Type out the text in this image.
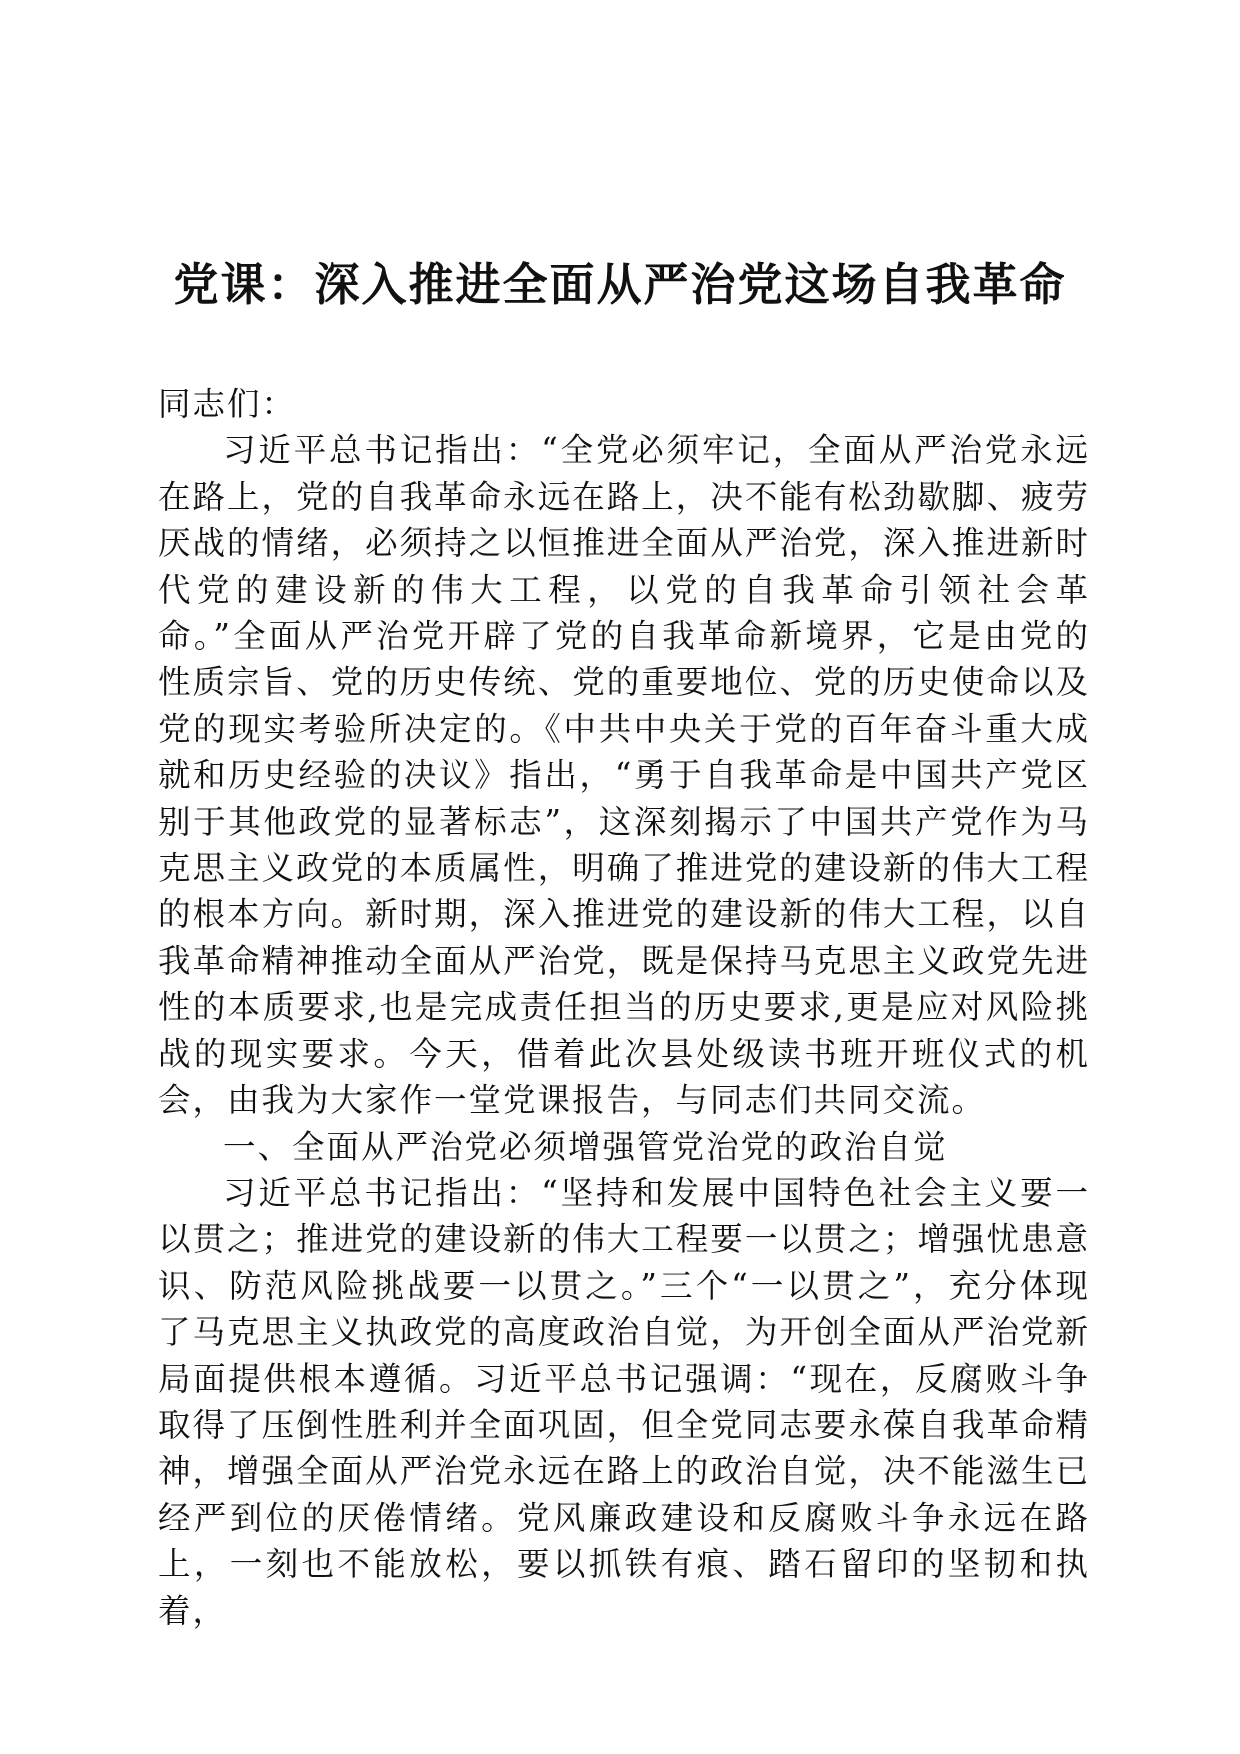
党课：深入推进全面从严治党这场自我革命

同志们：

习近平总书记指出：“全党必须牢记，全面从严治党永远在路上，党的自我革命永远在路上，决不能有松劲歇脚、疲劳厌战的情绪，必须持之以恒推进全面从严治党，深入推进新时代党的建设新的伟大工程，以党的自我革命引领社会革命。”全面从严治党开辟了党的自我革命新境界，它是由党的性质宗旨、党的历史传统、党的重要地位、党的历史使命以及党的现实考验所决定的。《中共中央关于党的百年奋斗重大成就和历史经验的决议》指出，“勇于自我革命是中国共产党区别于其他政党的显著标志”，这深刻揭示了中国共产党作为马克思主义政党的本质属性，明确了推进党的建设新的伟大工程的根本方向。新时期，深入推进党的建设新的伟大工程，以自我革命精神推动全面从严治党，既是保持马克思主义政党先进性的本质要求,也是完成责任担当的历史要求,更是应对风险挑战的现实要求。今天，借着此次县处级读书班开班仪式的机会，由我为大家作一堂党课报告，与同志们共同交流。

一、全面从严治党必须增强管党治党的政治自觉

习近平总书记指出：“坚持和发展中国特色社会主义要一以贯之；推进党的建设新的伟大工程要一以贯之；增强忧患意识、防范风险挑战要一以贯之。”三个“一以贯之”，充分体现了马克思主义执政党的高度政治自觉，为开创全面从严治党新局面提供根本遵循。习近平总书记强调：“现在，反腐败斗争取得了压倒性胜利并全面巩固，但全党同志要永葆自我革命精神，增强全面从严治党永远在路上的政治自觉，决不能滋生已经严到位的厌倦情绪。党风廉政建设和反腐败斗争永远在路上，一刻也不能放松，要以抓铁有痕、踏石留印的坚韧和执着，
